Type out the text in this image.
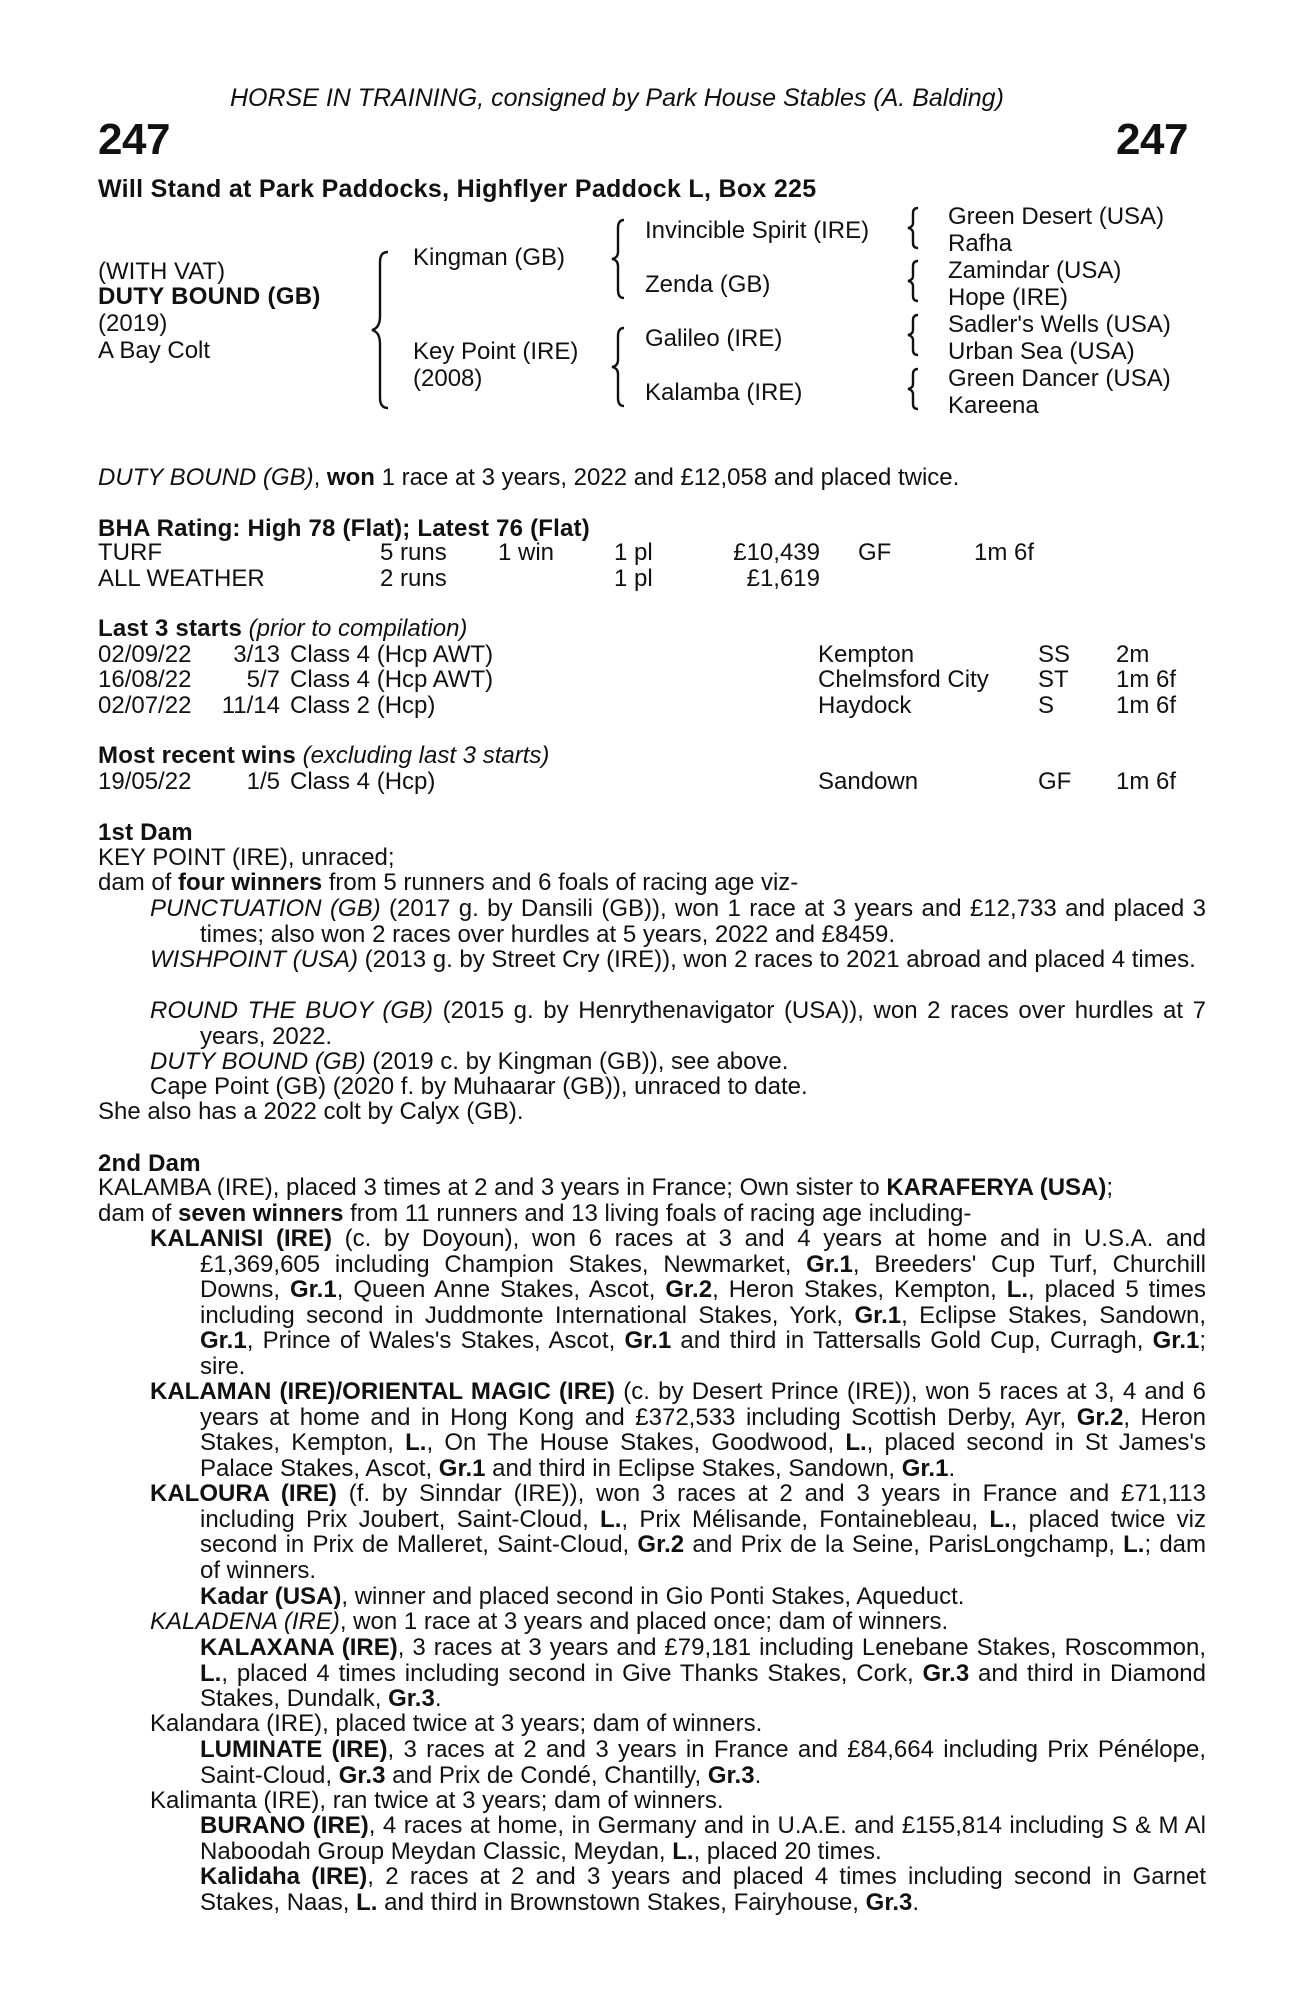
HORSE IN TRAINING, consigned by Park House Stables (A. Balding)
247	247
Will Stand at Park Paddocks, Highflyer Paddock L, Box 225
(WITH VAT)
DUTY BOUND (GB)
(2019)
A Bay Colt
Kingman (GB)
Key Point (IRE)
(2008)
Invincible Spirit (IRE)
Zenda (GB)
Galileo (IRE)
Kalamba (IRE)
Green Desert (USA)
Rafha
Zamindar (USA)
Hope (IRE)
Sadler's Wells (USA)
Urban Sea (USA)
Green Dancer (USA)
Kareena
DUTY BOUND (GB), won 1 race at 3 years, 2022 and £12,058 and placed twice.
BHA Rating: High 78 (Flat); Latest 76 (Flat)
TURF	5 runs 1 win 1 pl	£10,439 GF	1m 6f
ALL WEATHER	2 runs	1 pl	£1,619
Last 3 starts (prior to compilation)
02/09/22	3/13 Class 4 (Hcp AWT)	Kempton	SS 2m
16/08/22	5/7 Class 4 (Hcp AWT)	Chelmsford City ST 1m 6f
02/07/22	11/14 Class 2 (Hcp)	Haydock	S	1m 6f
Most recent wins (excluding last 3 starts)
19/05/22	1/5 Class 4 (Hcp)	Sandown	GF 1m 6f
1st Dam
KEY POINT (IRE), unraced;
dam of four winners from 5 runners and 6 foals of racing age viz-
PUNCTUATION (GB) (2017 g. by Dansili (GB)), won 1 race at 3 years and £12,733 and placed 3 times; also won 2 races over hurdles at 5 years, 2022 and £8459.
WISHPOINT (USA) (2013 g. by Street Cry (IRE)), won 2 races to 2021 abroad and placed 4 times.
ROUND THE BUOY (GB) (2015 g. by Henrythenavigator (USA)), won 2 races over hurdles at 7 years, 2022.
DUTY BOUND (GB) (2019 c. by Kingman (GB)), see above.
Cape Point (GB) (2020 f. by Muhaarar (GB)), unraced to date.
She also has a 2022 colt by Calyx (GB).
2nd Dam
KALAMBA (IRE), placed 3 times at 2 and 3 years in France; Own sister to KARAFERYA (USA);
dam of seven winners from 11 runners and 13 living foals of racing age including-
KALANISI (IRE) (c. by Doyoun), won 6 races at 3 and 4 years at home and in U.S.A. and £1,369,605 including Champion Stakes, Newmarket, Gr.1, Breeders' Cup Turf, Churchill Downs, Gr.1, Queen Anne Stakes, Ascot, Gr.2, Heron Stakes, Kempton, L., placed 5 times including second in Juddmonte International Stakes, York, Gr.1, Eclipse Stakes, Sandown, Gr.1, Prince of Wales's Stakes, Ascot, Gr.1 and third in Tattersalls Gold Cup, Curragh, Gr.1; sire.
KALAMAN (IRE)/ORIENTAL MAGIC (IRE) (c. by Desert Prince (IRE)), won 5 races at 3, 4 and 6 years at home and in Hong Kong and £372,533 including Scottish Derby, Ayr, Gr.2, Heron Stakes, Kempton, L., On The House Stakes, Goodwood, L., placed second in St James's Palace Stakes, Ascot, Gr.1 and third in Eclipse Stakes, Sandown, Gr.1.
KALOURA (IRE) (f. by Sinndar (IRE)), won 3 races at 2 and 3 years in France and £71,113 including Prix Joubert, Saint-Cloud, L., Prix Mélisande, Fontainebleau, L., placed twice viz second in Prix de Malleret, Saint-Cloud, Gr.2 and Prix de la Seine, ParisLongchamp, L.; dam of winners.
Kadar (USA), winner and placed second in Gio Ponti Stakes, Aqueduct.
KALADENA (IRE), won 1 race at 3 years and placed once; dam of winners.
KALAXANA (IRE), 3 races at 3 years and £79,181 including Lenebane Stakes, Roscommon, L., placed 4 times including second in Give Thanks Stakes, Cork, Gr.3 and third in Diamond Stakes, Dundalk, Gr.3.
Kalandara (IRE), placed twice at 3 years; dam of winners.
LUMINATE (IRE), 3 races at 2 and 3 years in France and £84,664 including Prix Pénélope, Saint-Cloud, Gr.3 and Prix de Condé, Chantilly, Gr.3.
Kalimanta (IRE), ran twice at 3 years; dam of winners.
BURANO (IRE), 4 races at home, in Germany and in U.A.E. and £155,814 including S & M Al Naboodah Group Meydan Classic, Meydan, L., placed 20 times.
Kalidaha (IRE), 2 races at 2 and 3 years and placed 4 times including second in Garnet Stakes, Naas, L. and third in Brownstown Stakes, Fairyhouse, Gr.3.
